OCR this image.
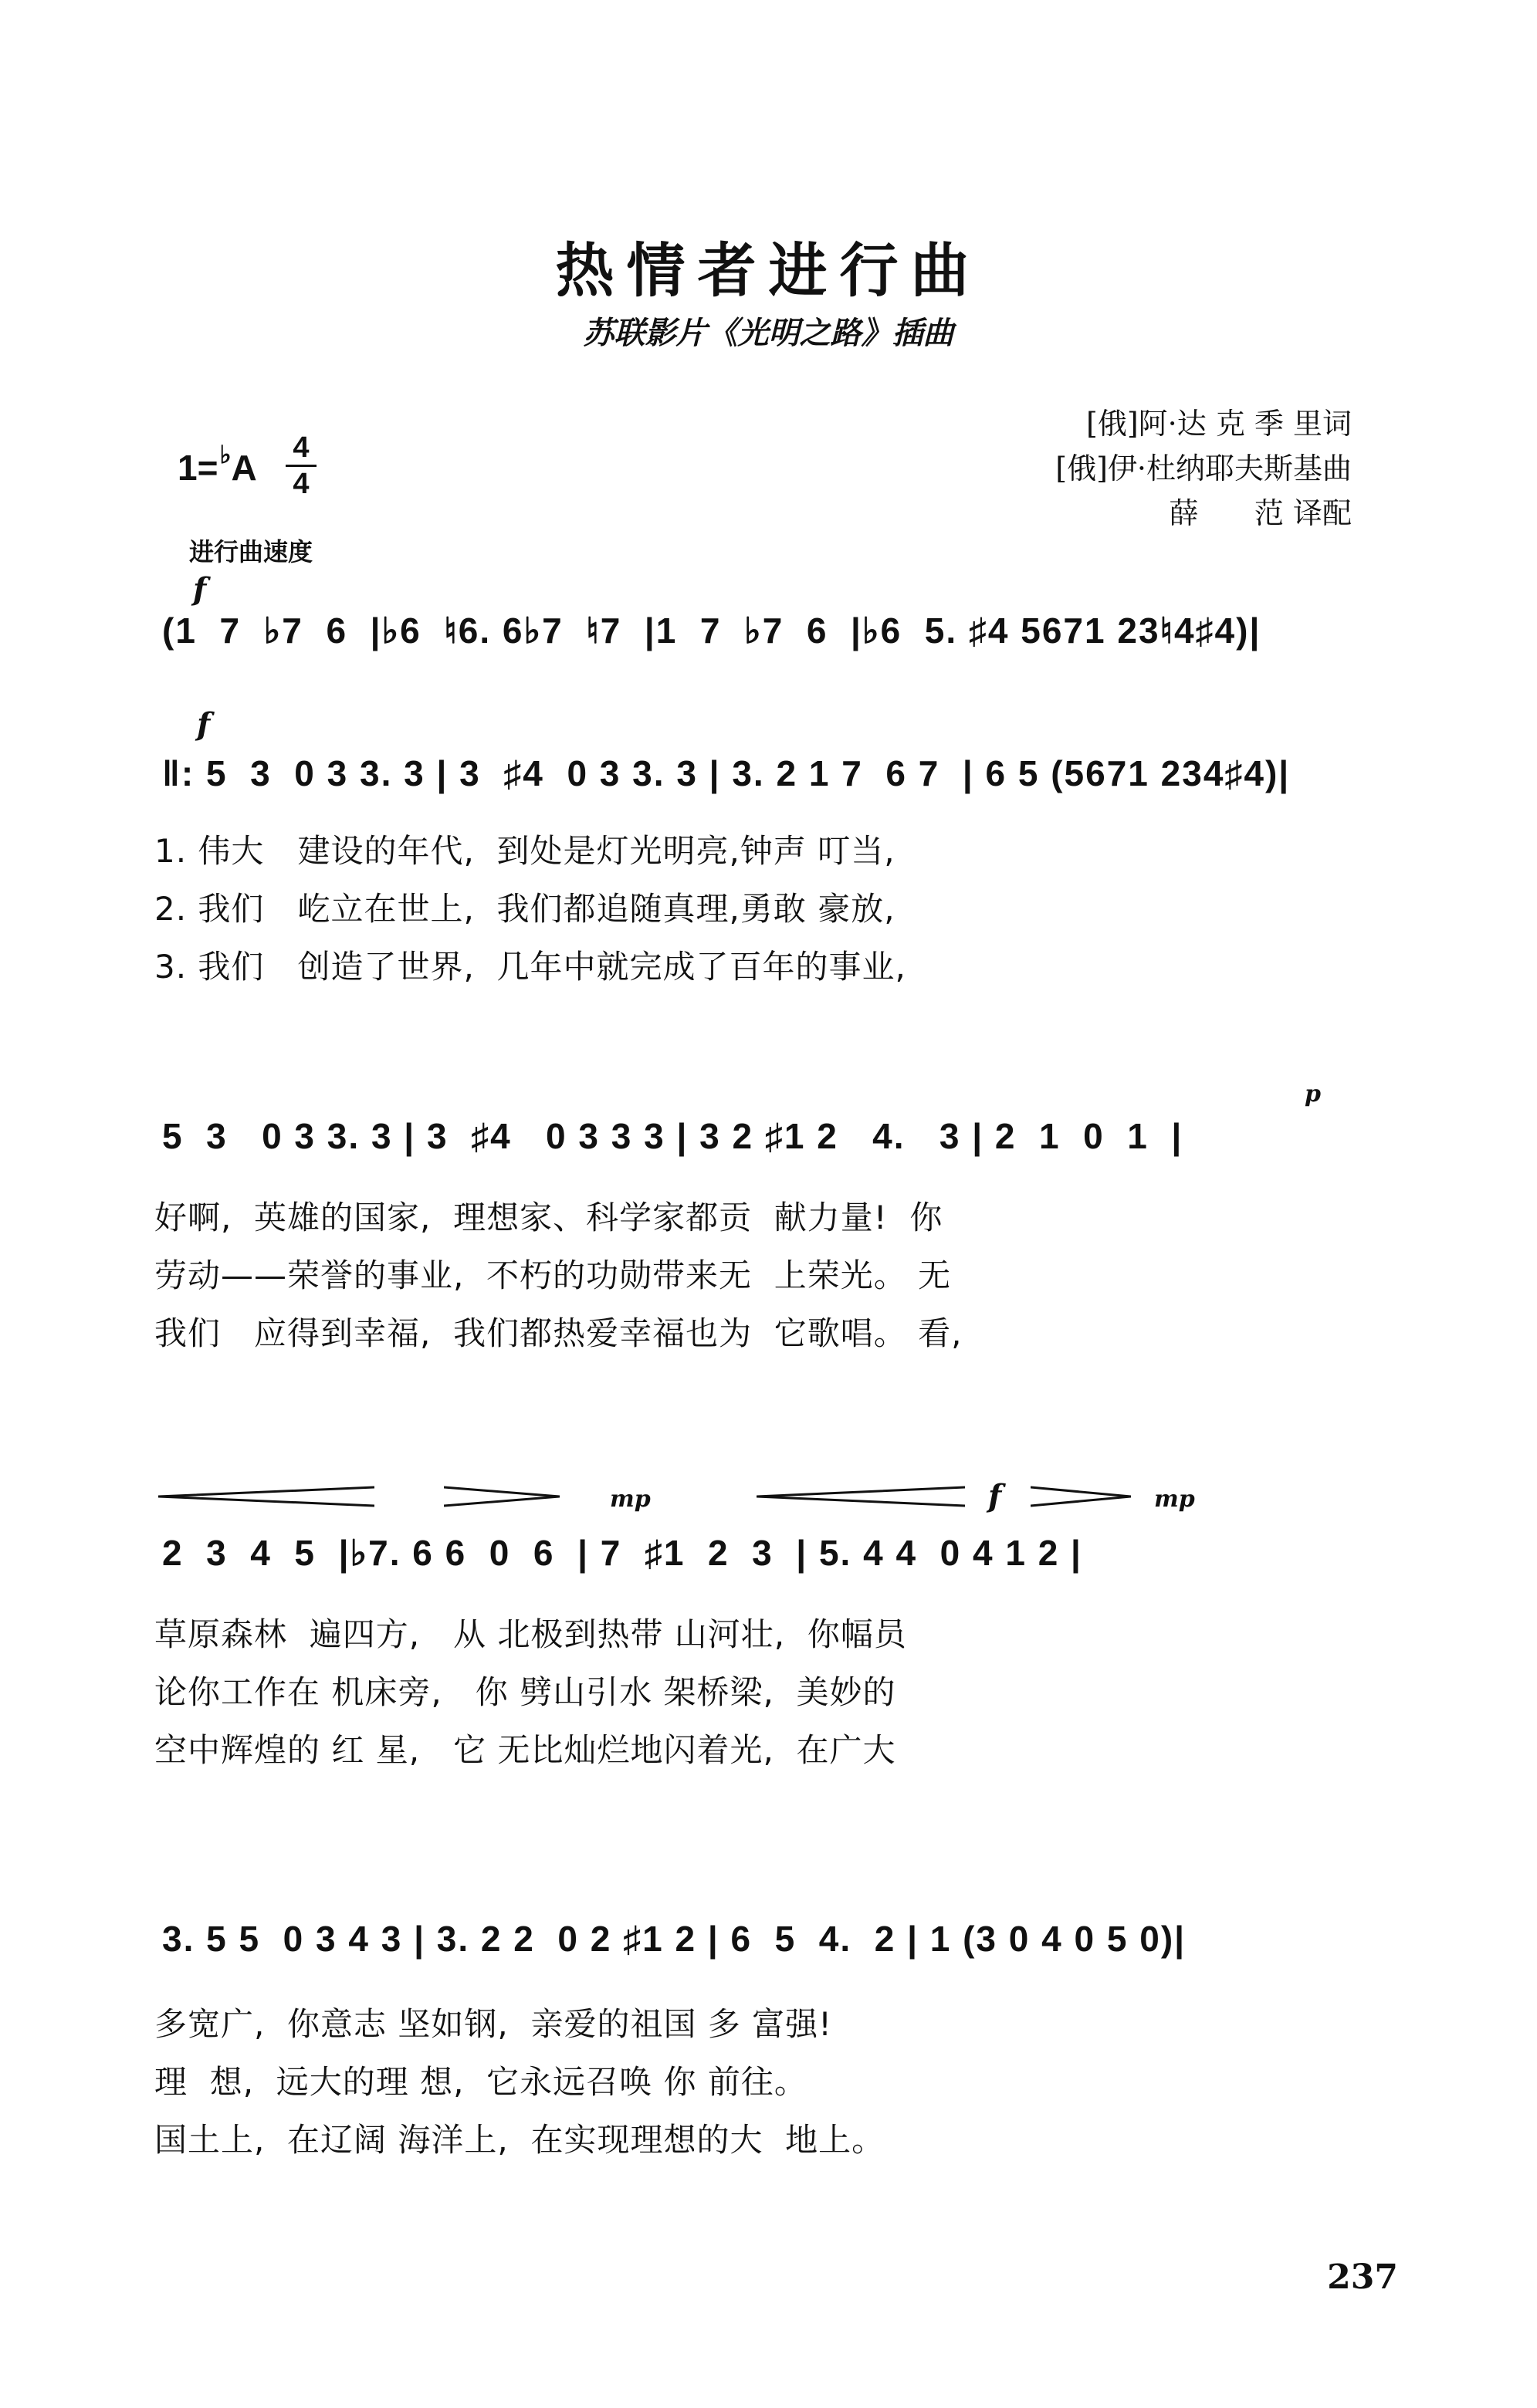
热情者进行曲
苏联影片《光明之路》插曲
[俄]阿·达 克 季 里词
[俄]伊·杜纳耶夫斯基曲
薛      范 译配
1=♭A 4
4
进行曲速度
f
(1  7  ♭7  6  |♭6  ♮6. 6♭7  ♮7  |1  7  ♭7  6  |♭6  5. ♯4 5671 23♮4♯4)|
f
‖: 5  3  0 3 3. 3 | 3  ♯4  0 3 3. 3 | 3. 2 1 7  6 7  | 6 5 (5671 234♯4)|
1. 伟大   建设的年代,  到处是灯光明亮,钟声 叮当,
2. 我们   屹立在世上,  我们都追随真理,勇敢 豪放,
3. 我们   创造了世界,  几年中就完成了百年的事业,
p
5  3   0 3 3. 3 | 3  ♯4   0 3 3 3 | 3 2 ♯1 2   4.   3 | 2  1  0  1  |
好啊,  英雄的国家,  理想家、科学家都贡  献力量!  你
劳动——荣誉的事业,  不朽的功勋带来无  上荣光。 无
我们   应得到幸福,  我们都热爱幸福也为  它歌唱。 看,
mp	f	mp
2  3  4  5  |♭7. 6 6  0  6  | 7  ♯1  2  3  | 5. 4 4  0 4 1 2 |
草原森林  遍四方,   从 北极到热带 山河壮,  你幅员
论你工作在 机床旁,   你 劈山引水 架桥梁,  美妙的
空中辉煌的 红 星,   它 无比灿烂地闪着光,  在广大
3. 5 5  0 3 4 3 | 3. 2 2  0 2 ♯1 2 | 6  5  4.  2 | 1 (3 0 4 0 5 0)|
多宽广,  你意志 坚如钢,  亲爱的祖国 多 富强!
理  想,  远大的理 想,  它永远召唤 你 前往。
国土上,  在辽阔 海洋上,  在实现理想的大  地上。
237
